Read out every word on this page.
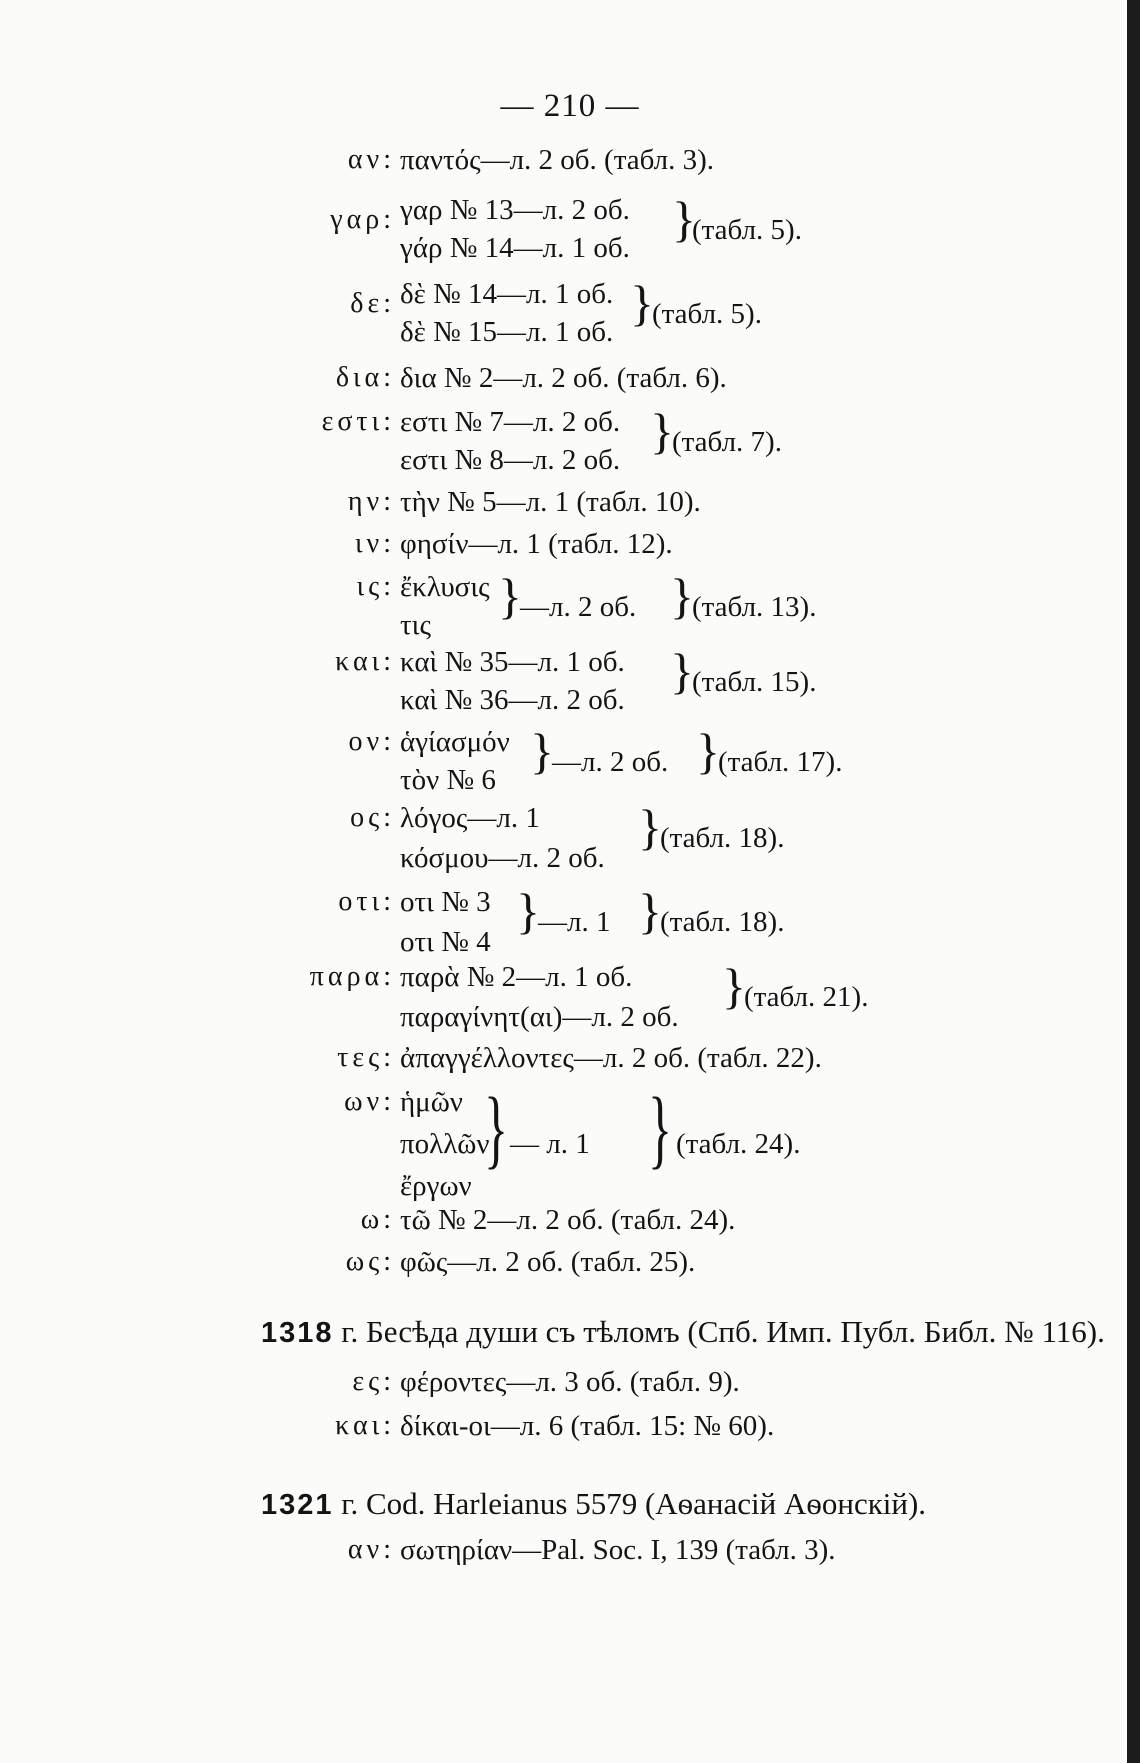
— 210 —
αν: παντός—л. 2 об. (табл. 3).
γαρ: γαρ № 13—л. 2 об.
γάρ № 14—л. 1 об.
}
(табл. 5).
δε: δὲ № 14—л. 1 об.
δὲ № 15—л. 1 об.
}
(табл. 5).
δια: δια № 2—л. 2 об. (табл. 6).
εστι: εστι № 7—л. 2 об.
εστι № 8—л. 2 об.
}
(табл. 7).
ην: τὴν № 5—л. 1 (табл. 10).
ιν: φησίν—л. 1 (табл. 12).
ις: ἔκλυσις
τις
}
—л. 2 об. }
(табл. 13).
και: καὶ № 35—л. 1 об.
καὶ № 36—л. 2 об.
}
(табл. 15).
ον: ἁγίασμόν
τὸν № 6
}
—л. 2 об. }
(табл. 17).
ος: λόγος—л. 1
κόσμου—л. 2 об.
}
(табл. 18).
οτι: οτι № 3
οτι № 4
}
—л. 1 }
(табл. 18).
παρα: παρὰ № 2—л. 1 об.
παραγίνητ(αι)—л. 2 об.
}
(табл. 21).
τες: ἀπαγγέλλοντες—л. 2 об. (табл. 22).
ων: ἡμῶν
πολλῶν
ἔργων
} — л. 1 } (табл. 24).
ω: τῶ № 2—л. 2 об. (табл. 24).
ως: φῶς—л. 2 об. (табл. 25).
1318 г. Бесѣда души съ тѣломъ (Спб. Имп. Публ. Библ. № 116).
ες: φέροντες—л. 3 об. (табл. 9).
και: δίκαι-οι—л. 6 (табл. 15: № 60).
1321 г. Cod. Harleianus 5579 (Аѳанасій Аѳонскій).
αν: σωτηρίαν—Pal. Soc. I, 139 (табл. 3).
